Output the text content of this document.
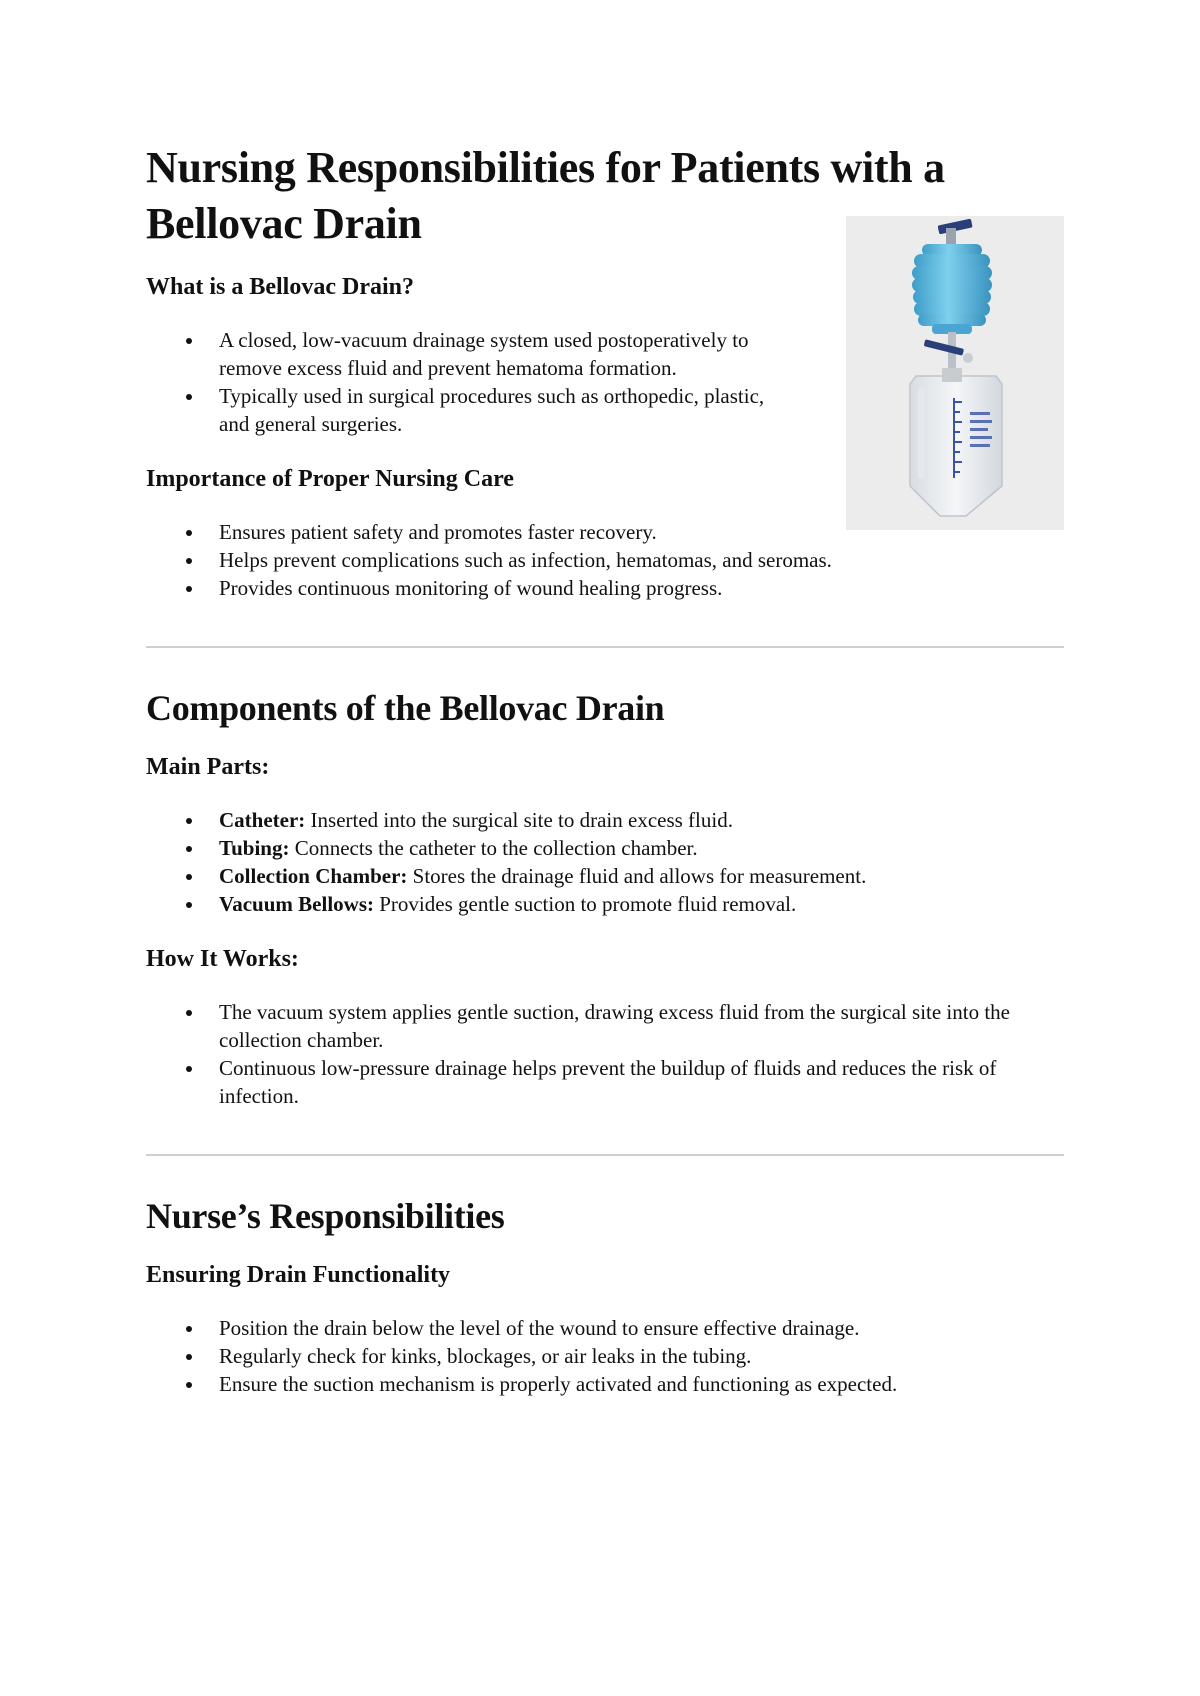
Nursing Responsibilities for Patients with a Bellovac Drain
What is a Bellovac Drain?
A closed, low-vacuum drainage system used postoperatively to remove excess fluid and prevent hematoma formation.
Typically used in surgical procedures such as orthopedic, plastic, and general surgeries.
Importance of Proper Nursing Care
Ensures patient safety and promotes faster recovery.
Helps prevent complications such as infection, hematomas, and seromas.
Provides continuous monitoring of wound healing progress.
Components of the Bellovac Drain
Main Parts:
Catheter: Inserted into the surgical site to drain excess fluid.
Tubing: Connects the catheter to the collection chamber.
Collection Chamber: Stores the drainage fluid and allows for measurement.
Vacuum Bellows: Provides gentle suction to promote fluid removal.
How It Works:
The vacuum system applies gentle suction, drawing excess fluid from the surgical site into the collection chamber.
Continuous low-pressure drainage helps prevent the buildup of fluids and reduces the risk of infection.
Nurse’s Responsibilities
Ensuring Drain Functionality
Position the drain below the level of the wound to ensure effective drainage.
Regularly check for kinks, blockages, or air leaks in the tubing.
Ensure the suction mechanism is properly activated and functioning as expected.
